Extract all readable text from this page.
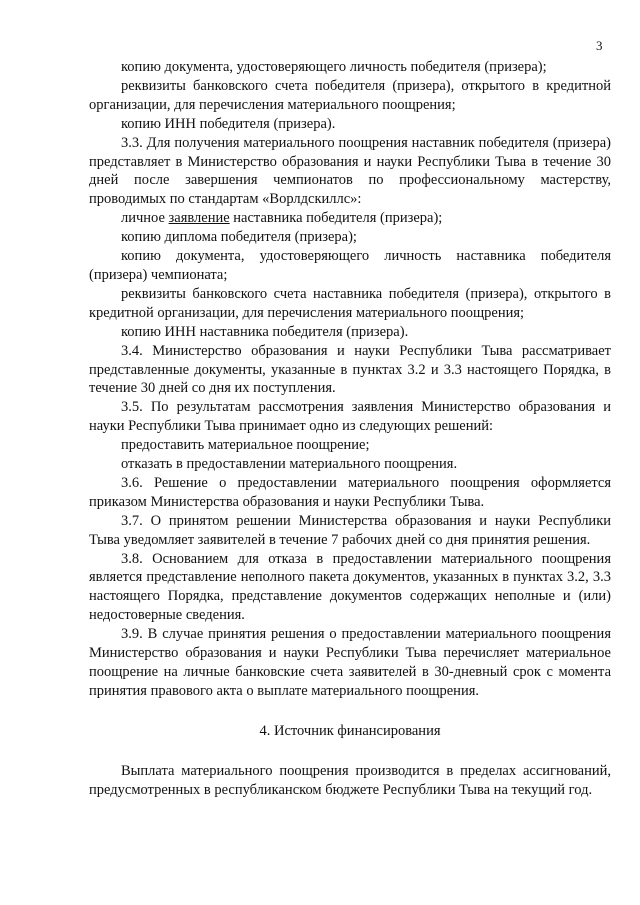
3

копию документа, удостоверяющего личность победителя (призера);

реквизиты банковского счета победителя (призера), открытого в кредитной организации, для перечисления материального поощрения;

копию ИНН победителя (призера).

3.3. Для получения материального поощрения наставник победителя (призера) представляет в Министерство образования и науки Республики Тыва в течение 30 дней после завершения чемпионатов по профессиональному мастерству, проводимых по стандартам «Ворлдскиллс»:

личное заявление наставника победителя (призера);

копию диплома победителя (призера);

копию документа, удостоверяющего личность наставника победителя (призера) чемпионата;

реквизиты банковского счета наставника победителя (призера), открытого в кредитной организации, для перечисления материального поощрения;

копию ИНН наставника победителя (призера).

3.4. Министерство образования и науки Республики Тыва рассматривает представленные документы, указанные в пунктах 3.2 и 3.3 настоящего Порядка, в течение 30 дней со дня их поступления.

3.5. По результатам рассмотрения заявления Министерство образования и науки Республики Тыва принимает одно из следующих решений:

предоставить материальное поощрение;

отказать в предоставлении материального поощрения.

3.6. Решение о предоставлении материального поощрения оформляется приказом Министерства образования и науки Республики Тыва.

3.7. О принятом решении Министерства образования и науки Республики Тыва уведомляет заявителей в течение 7 рабочих дней со дня принятия решения.

3.8. Основанием для отказа в предоставлении материального поощрения является представление неполного пакета документов, указанных в пунктах 3.2, 3.3 настоящего Порядка, представление документов содержащих неполные и (или) недостоверные сведения.

3.9. В случае принятия решения о предоставлении материального поощрения Министерство образования и науки Республики Тыва перечисляет материальное поощрение на личные банковские счета заявителей в 30-дневный срок с момента принятия правового акта о выплате материального поощрения.

4. Источник финансирования

Выплата материального поощрения производится в пределах ассигнований, предусмотренных в республиканском бюджете Республики Тыва на текущий год.
